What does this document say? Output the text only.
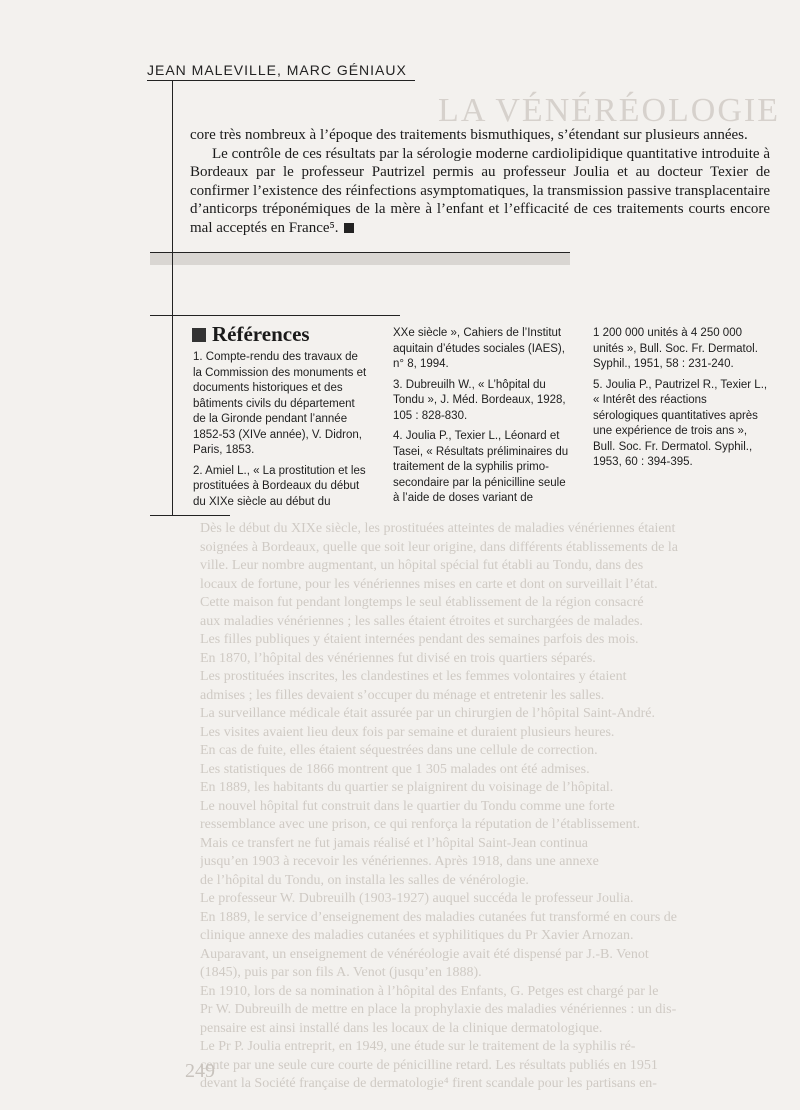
LA VÉNÉRÉOLOGIE
Dès le début du XIXe siècle, les prostituées atteintes de maladies vénériennes étaient
soignées à Bordeaux, quelle que soit leur origine, dans différents établissements de la
ville. Leur nombre augmentant, un hôpital spécial fut établi au Tondu, dans des
locaux de fortune, pour les vénériennes mises en carte et dont on surveillait l’état.
Cette maison fut pendant longtemps le seul établissement de la région consacré
aux maladies vénériennes ; les salles étaient étroites et surchargées de malades.
Les filles publiques y étaient internées pendant des semaines parfois des mois.
En 1870, l’hôpital des vénériennes fut divisé en trois quartiers séparés.
Les prostituées inscrites, les clandestines et les femmes volontaires y étaient
admises ; les filles devaient s’occuper du ménage et entretenir les salles.
La surveillance médicale était assurée par un chirurgien de l’hôpital Saint-André.
Les visites avaient lieu deux fois par semaine et duraient plusieurs heures.
En cas de fuite, elles étaient séquestrées dans une cellule de correction.
Les statistiques de 1866 montrent que 1 305 malades ont été admises.
En 1889, les habitants du quartier se plaignirent du voisinage de l’hôpital.
Le nouvel hôpital fut construit dans le quartier du Tondu comme une forte
ressemblance avec une prison, ce qui renforça la réputation de l’établissement.
Mais ce transfert ne fut jamais réalisé et l’hôpital Saint-Jean continua
jusqu’en 1903 à recevoir les vénériennes. Après 1918, dans une annexe
de l’hôpital du Tondu, on installa les salles de vénérologie.
Le professeur W. Dubreuilh (1903-1927) auquel succéda le professeur Joulia.
En 1889, le service d’enseignement des maladies cutanées fut transformé en cours de
clinique annexe des maladies cutanées et syphilitiques du Pr Xavier Arnozan.
Auparavant, un enseignement de vénéréologie avait été dispensé par J.-B. Venot
(1845), puis par son fils A. Venot (jusqu’en 1888).
En 1910, lors de sa nomination à l’hôpital des Enfants, G. Petges est chargé par le
Pr W. Dubreuilh de mettre en place la prophylaxie des maladies vénériennes : un dis-
pensaire est ainsi installé dans les locaux de la clinique dermatologique.
Le Pr P. Joulia entreprit, en 1949, une étude sur le traitement de la syphilis ré-
cente par une seule cure courte de pénicilline retard. Les résultats publiés en 1951
devant la Société française de dermatologie⁴ firent scandale pour les partisans en-
249
JEAN MALEVILLE, MARC GÉNIAUX

core très nombreux à l’époque des traitements bismuthiques, s’étendant sur plusieurs années.

Le contrôle de ces résultats par la sérologie moderne cardiolipidique quantitative introduite à Bordeaux par le professeur Pautrizel permis au professeur Joulia et au docteur Texier de confirmer l’existence des réinfections asymptomatiques, la transmission passive transplacentaire d’anticorps tréponémiques de la mère à l’enfant et l’efficacité de ces traitements courts encore mal acceptés en France⁵.

Références
1. Compte-rendu des travaux de la Commission des monuments et documents historiques et des bâtiments civils du département de la Gironde pendant l’année 1852-53 (XIVe année), V. Didron, Paris, 1853.
2. Amiel L., « La prostitution et les prostituées à Bordeaux du début du XIXe siècle au début du
XXe siècle », Cahiers de l’Institut aquitain d’études sociales (IAES), n° 8, 1994.
3. Dubreuilh W., « L’hôpital du Tondu », J. Méd. Bordeaux, 1928, 105 : 828-830.
4. Joulia P., Texier L., Léonard et Tasei, « Résultats préliminaires du traitement de la syphilis primo-secondaire par la pénicilline seule à l’aide de doses variant de
1 200 000 unités à 4 250 000 unités », Bull. Soc. Fr. Dermatol. Syphil., 1951, 58 : 231-240.
5. Joulia P., Pautrizel R., Texier L., « Intérêt des réactions sérologiques quantitatives après une expérience de trois ans », Bull. Soc. Fr. Dermatol. Syphil., 1953, 60 : 394-395.
